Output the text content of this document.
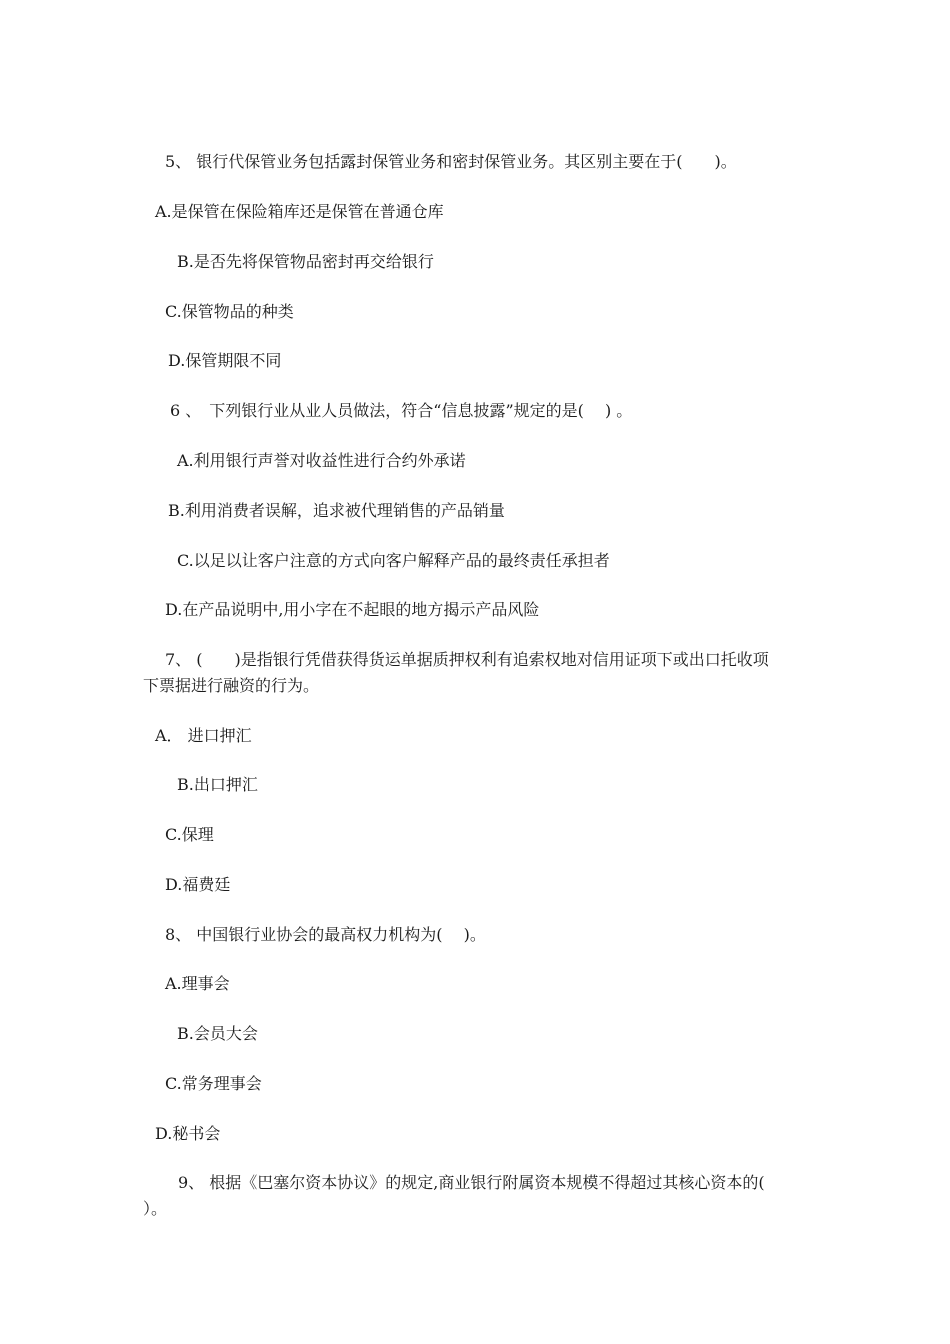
5、 银行代保管业务包括露封保管业务和密封保管业务。其区别主要在于(　　)。
A.是保管在保险箱库还是保管在普通仓库
B.是否先将保管物品密封再交给银行
C.保管物品的种类
D.保管期限不同
6 、　下列银行业从业人员做法，符合“信息披露”规定的是(　 ) 。
A.利用银行声誉对收益性进行合约外承诺
B.利用消费者误解，追求被代理销售的产品销量
C.以足以让客户注意的方式向客户解释产品的最终责任承担者
D.在产品说明中,用小字在不起眼的地方揭示产品风险
7、 (　　)是指银行凭借获得货运单据质押权利有追索权地对信用证项下或出口托收项
下票据进行融资的行为。
A． 进口押汇
B.出口押汇
C.保理
D.福费廷
8、 中国银行业协会的最高权力机构为(　 )。
A.理事会
B.会员大会
C.常务理事会
D.秘书会
9、 根据《巴塞尔资本协议》的规定,商业银行附属资本规模不得超过其核心资本的(
）。
